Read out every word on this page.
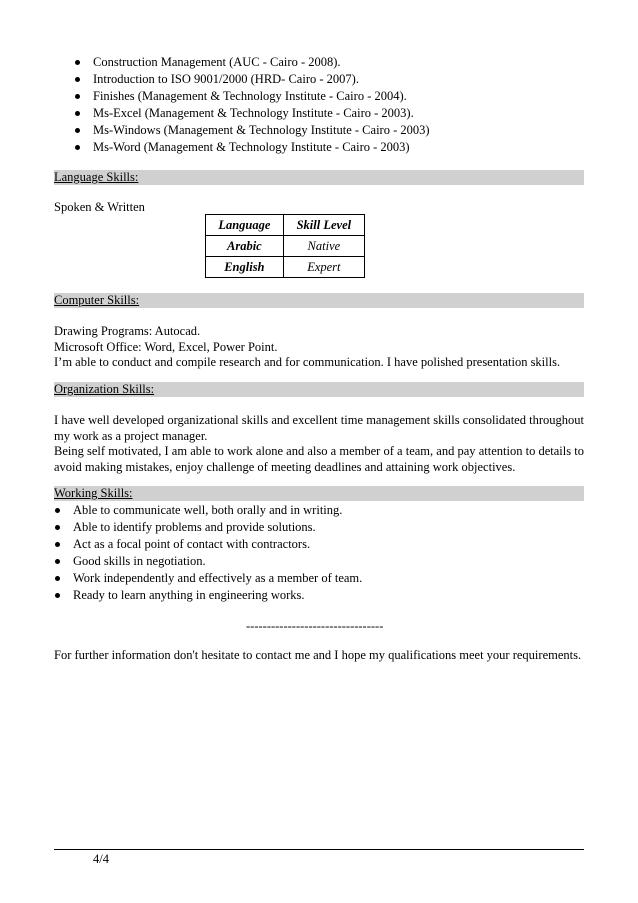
Construction Management (AUC - Cairo - 2008).
Introduction to ISO 9001/2000 (HRD- Cairo - 2007).
Finishes (Management & Technology Institute - Cairo - 2004).
Ms-Excel (Management & Technology Institute - Cairo - 2003).
Ms-Windows (Management & Technology Institute - Cairo - 2003)
Ms-Word (Management & Technology Institute - Cairo - 2003)
Language Skills:
Spoken & Written
Language	Skill Level
Arabic	Native
English	Expert
Computer Skills:
Drawing Programs: Autocad.
Microsoft Office: Word, Excel, Power Point.
I’m able to conduct and compile research and for communication. I have polished presentation skills.
Organization Skills:
I have well developed organizational skills and excellent time management skills consolidated throughout my work as a project manager.
Being self motivated, I am able to work alone and also a member of a team, and pay attention to details to avoid making mistakes, enjoy challenge of meeting deadlines and attaining work objectives.
Working Skills:
Able to communicate well, both orally and in writing.
Able to identify problems and provide solutions.
Act as a focal point of contact with contractors.
Good skills in negotiation.
Work independently and effectively as a member of team.
Ready to learn anything in engineering works.
---------------------------------
For further information don't hesitate to contact me and I hope my qualifications meet your requirements.
4/4
